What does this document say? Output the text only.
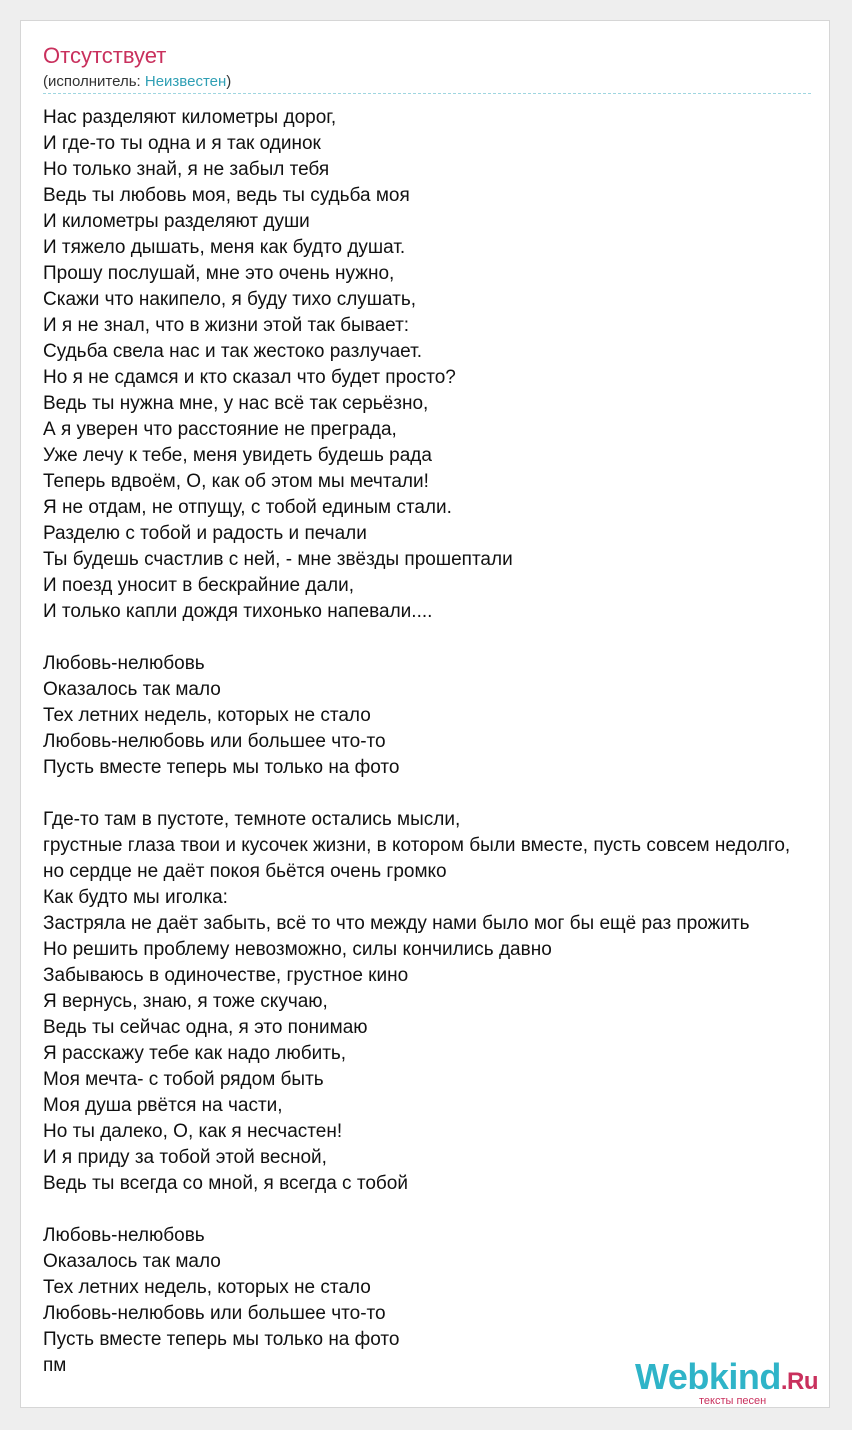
Отсутствует
(исполнитель: Неизвестен)
Нас разделяют километры дорог,
И где-то ты одна и я так одинок
Но только знай, я не забыл тебя
Ведь ты любовь моя, ведь ты судьба моя
И километры разделяют души
И тяжело дышать, меня как будто душат.
Прошу послушай, мне это очень нужно,
Скажи что накипело, я буду тихо слушать,
И я не знал, что в жизни этой так бывает:
Судьба свела нас и так жестоко разлучает.
Но я не сдамся и кто сказал что будет просто?
Ведь ты нужна мне, у нас всё так серьёзно,
А я уверен что расстояние не преграда,
Уже лечу к тебе, меня увидеть будешь рада
Теперь вдвоём, О, как об этом мы мечтали!
Я не отдам, не отпущу, с тобой единым стали.
Разделю с тобой и радость и печали
Ты будешь счастлив с ней, - мне звёзды прошептали
И поезд уносит в бескрайние дали,
И только капли дождя тихонько напевали....
Любовь-нелюбовь
Оказалось так мало
Тех летних недель, которых не стало
Любовь-нелюбовь или большее что-то
Пусть вместе теперь мы только на фото
Где-то там в пустоте, темноте остались мысли,
грустные глаза твои и кусочек жизни, в котором были вместе, пусть совсем недолго,
но сердце не даёт покоя бьётся очень громко
Как будто мы иголка:
Застряла не даёт забыть, всё то что между нами было мог бы ещё раз прожить
Но решить проблему невозможно, силы кончились давно
Забываюсь в одиночестве, грустное кино
Я вернусь, знаю, я тоже скучаю,
Ведь ты сейчас одна, я это понимаю
Я расскажу тебе как надо любить,
Моя мечта- с тобой рядом быть
Моя душа рвётся на части,
Но ты далеко, О, как я несчастен!
И я приду за тобой этой весной,
Ведь ты всегда со мной, я всегда с тобой
Любовь-нелюбовь
Оказалось так мало
Тех летних недель, которых не стало
Любовь-нелюбовь или большее что-то
Пусть вместе теперь мы только на фото
пм	Webkind.Ru
тексты песен
